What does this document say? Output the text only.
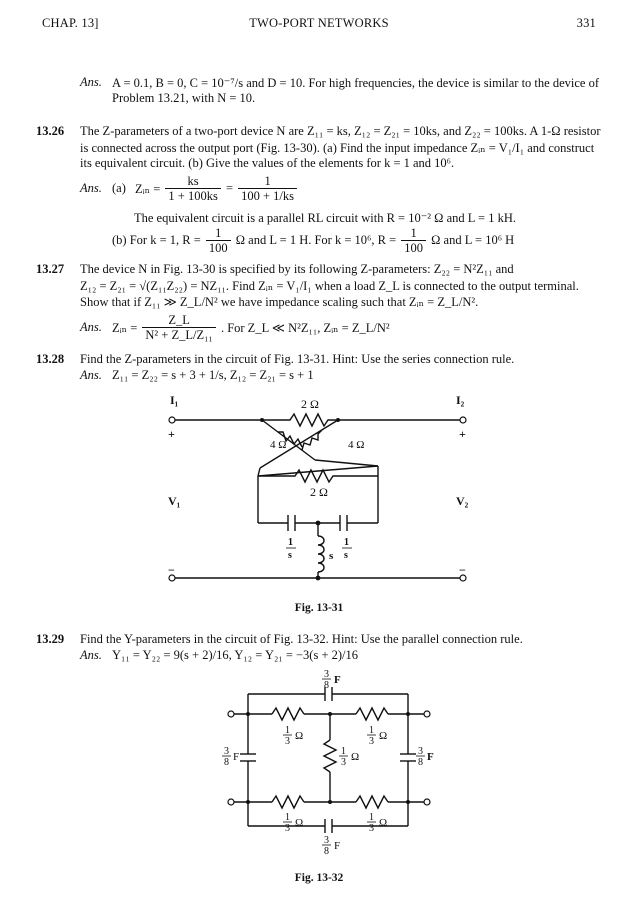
CHAP. 13]	TWO-PORT NETWORKS	331
Ans. A = 0.1, B = 0, C = 10⁻⁷/s and D = 10. For high frequencies, the device is similar to the device of
Problem 13.21, with N = 10.
13.26 The Z-parameters of a two-port device N are Z₁₁ = ks, Z₁₂ = Z₂₁ = 10ks, and Z₂₂ = 100ks. A 1-Ω resistor
is connected across the output port (Fig. 13-30). (a) Find the input impedance Zᵢₙ = V₁/I₁ and construct
its equivalent circuit. (b) Give the values of the elements for k = 1 and 10⁶.
Ans. (a) Zᵢₙ = $\frac{ks}{1 + 100ks} = \frac{1}{100 + 1/ks}$
The equivalent circuit is a parallel RL circuit with R = 10⁻² Ω and L = 1 kH.
(b) For k = 1, $R = \frac{1}{100}$ Ω and L = 1 H. For k = 10⁶, $R = \frac{1}{100}$ Ω and L = 10⁶ H
13.27 The device N in Fig. 13-30 is specified by its following Z-parameters: Z₂₂ = N²Z₁₁ and
Z₁₂ = Z₂₁ = √(Z₁₁Z₂₂) = NZ₁₁. Find Zᵢₙ = V₁/I₁ when a load Z_L is connected to the output terminal.
Show that if Z₁₁ ≫ Z_L/N² we have impedance scaling such that Zᵢₙ = Z_L/N².
Ans. Zᵢₙ = $\frac{Z\_L}{\text{N² + Z\_L/Z₁₁}}$ . For Z_L ≪ N²Z₁₁, Zᵢₙ = Z_L/N²
13.28 Find the Z-parameters in the circuit of Fig. 13-31. Hint: Use the series connection rule.
Ans. Z₁₁ = Z₂₂ = s + 3 + 1/s, Z₁₂ = Z₂₁ = s + 1
I₁	I₂
+	+
V₁	V₂
−	−
2 Ω
4 Ω	4 Ω
2 Ω
1
s
1
s
s
Fig. 13-31
13.29 Find the Y-parameters in the circuit of Fig. 13-32. Hint: Use the parallel connection rule.
Ans. Y₁₁ = Y₂₂ = 9(s + 2)/16, Y₁₂ = Y₂₁ = −3(s + 2)/16
3
8 F
1
3 Ω	1
3 Ω
1
3 Ω
3
8 F	3
8 F
1
3 Ω	1
3 Ω
3
8 F
Fig. 13-32
